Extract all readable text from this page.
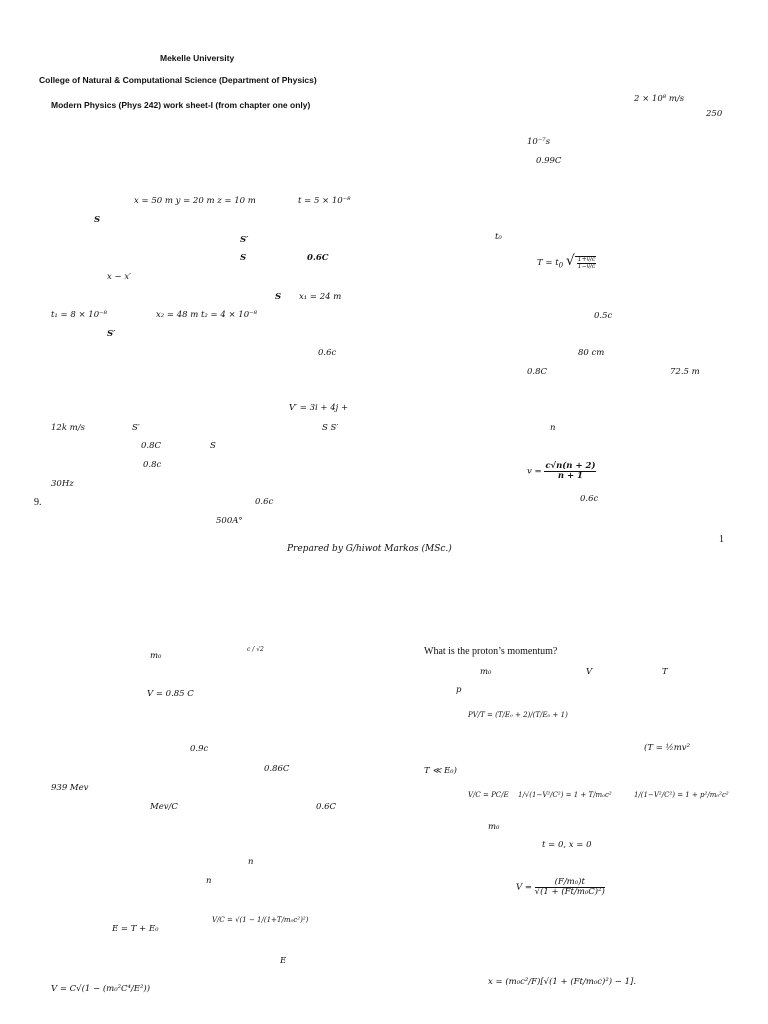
Mekelle University
College of Natural & Computational Science (Department of Physics)
Modern Physics (Phys 242) work sheet-I (from chapter one only)
x = 50 m y = 20 m z = 10 m	t = 5 × 10⁻⁸
S
S′
S	0.6C
x − x′
S x₁ = 24 m
t₁ = 8 × 10⁻⁸	x₂ = 48 m t₂ = 4 × 10⁻⁸
S′
0.6c
V′ = 3i + 4j +
12k m/s	S′	S S′
0.8C	S
0.8c
30Hz
9.	0.6c
500A°
2 × 10⁸ m/s
250
10⁻⁷s
0.99C
t₀
$T = t_0$ √ $\frac{1+v/c}{1-v/c}$
0.5c
80 cm
0.8C	72.5 m
n
$v = \frac{c√n(n + 2)}{n + 1}$
0.6c
1
Prepared by G/hiwot Markos (MSc.)
m₀
c / √2
V = 0.85 C
0.9c
0.86C
939 Mev
Mev/C	0.6C
n
n
E = T + E₀
V/C = √(1 − 1/(1+T/m₀c²)²)
E
V = C√(1 − (m₀²C⁴/E²))
What is the proton’s momentum?
m₀	V	T
p
PV/T = (T/E₀ + 2)/(T/E₀ + 1)
(T = ½mv²
T ≪ E₀)
V/C = PC/E 1/√(1−V²/C²) = 1 + T/m₀c²	1/(1−V²/C²) = 1 + p²/m₀²c²
m₀
t = 0, x = 0
$V = \frac{\text{(F/m₀)t}}{\text{√(1 + (Ft/m₀C)²)}}$
x = (m₀c²/F)[√(1 + (Ft/m₀c)²) − 1].
